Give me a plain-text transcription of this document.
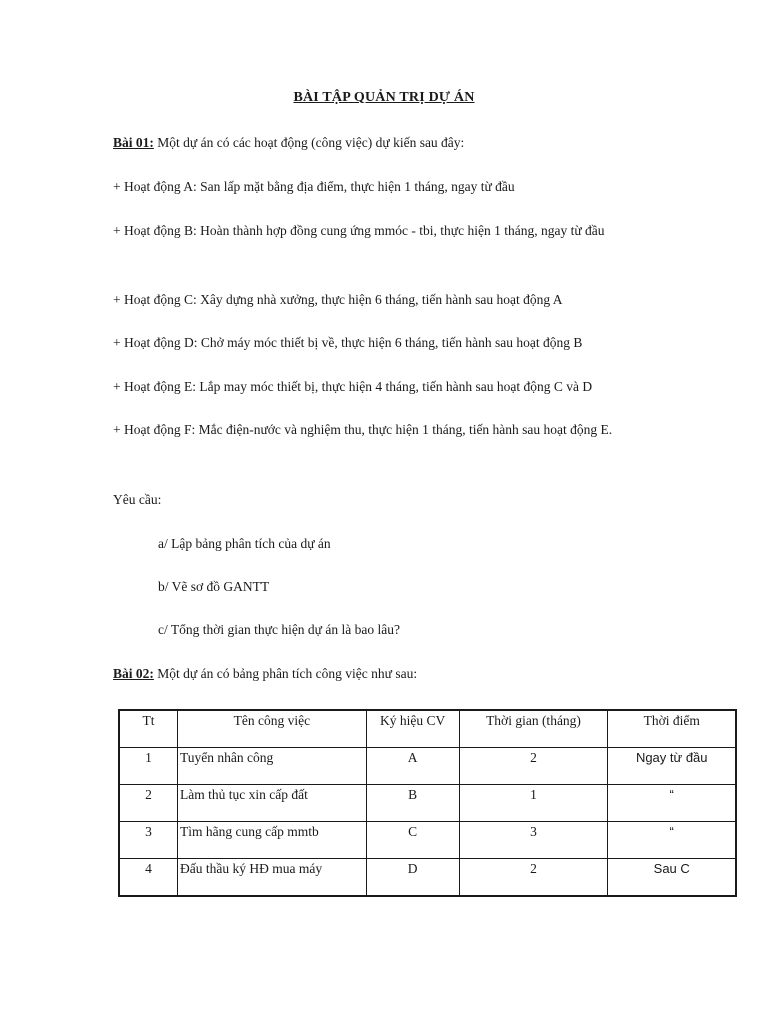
BÀI TẬP QUẢN TRỊ DỰ ÁN
Bài 01: Một dự án có các hoạt động (công việc) dự kiến sau đây:
+ Hoạt động A: San lấp mặt bằng địa điểm, thực hiện 1 tháng, ngay từ đầu
+ Hoạt động B: Hoàn thành hợp đồng cung ứng mmóc - tbi, thực hiện 1 tháng, ngay từ đầu
+ Hoạt động C: Xây dựng nhà xưởng, thực hiện 6 tháng, tiến hành sau hoạt động A
+ Hoạt động D: Chở máy móc thiết bị về, thực hiện 6 tháng, tiến hành sau hoạt động B
+ Hoạt động E: Lắp may móc thiết bị, thực hiện 4 tháng, tiến hành sau hoạt động C và D
+ Hoạt động F: Mắc điện-nước và nghiệm thu, thực hiện 1 tháng, tiến hành sau hoạt động E.
Yêu cầu:
a/ Lập bảng phân tích của dự án
b/ Vẽ sơ đồ GANTT
c/ Tổng thời gian thực hiện dự án là bao lâu?
Bài 02: Một dự án có bảng phân tích công việc như sau:
Tt	Tên công việc	Ký hiệu CV	Thời gian (tháng)	Thời điểm
1	Tuyển nhân công	A	2	Ngay từ đầu
2	Làm thủ tục xin cấp đất	B	1	“
3	Tìm hãng cung cấp mmtb	C	3	“
4	Đấu thầu ký HĐ mua máy	D	2	Sau C
